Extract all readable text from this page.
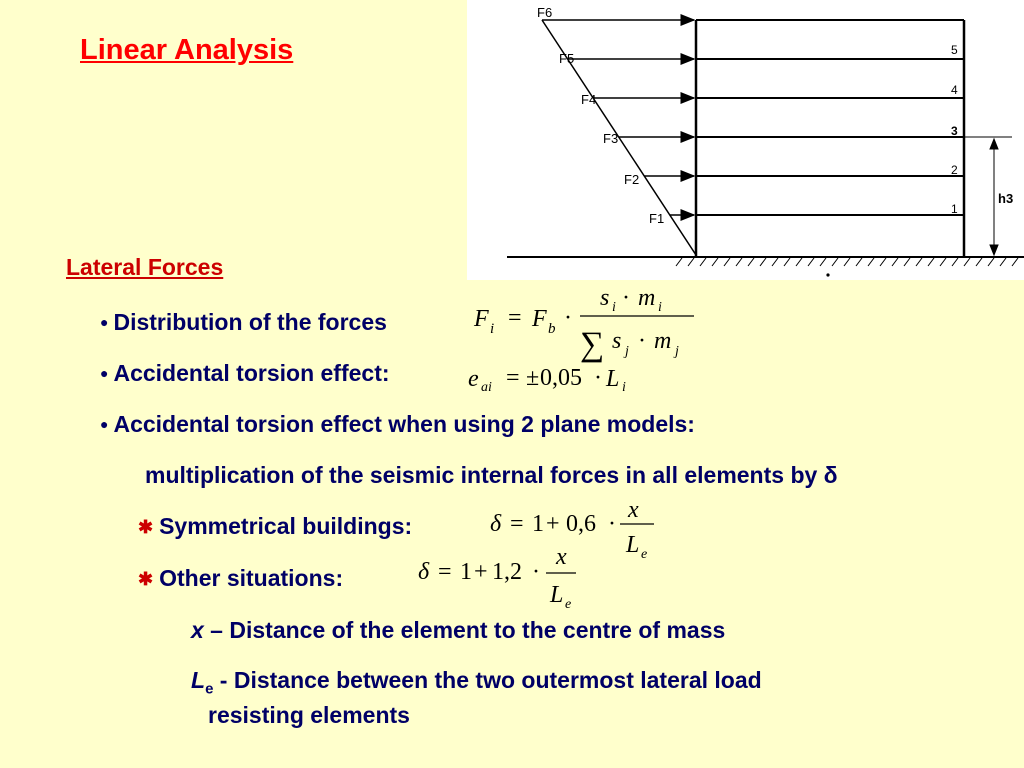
Linear Analysis
F6
F5
F4
F3
F2
F1
5
4
3
2
1
h3
Lateral Forces
● Distribution of the forces	F i = F b ·
s i · m i
∑ s j · m j
● Accidental torsion effect:	e ai = ± 0,05 · L i
● Accidental torsion effect when using 2 plane models:
multiplication of the seismic internal forces in all elements by δ
✱ Symmetrical buildings:	δ = 1 + 0,6 ·
x
L e
✱ Other situations:	δ = 1 + 1,2 ·
x
L e
x – Distance of the element to the centre of mass
$L_e$ - Distance between the two outermost lateral load
resisting elements
